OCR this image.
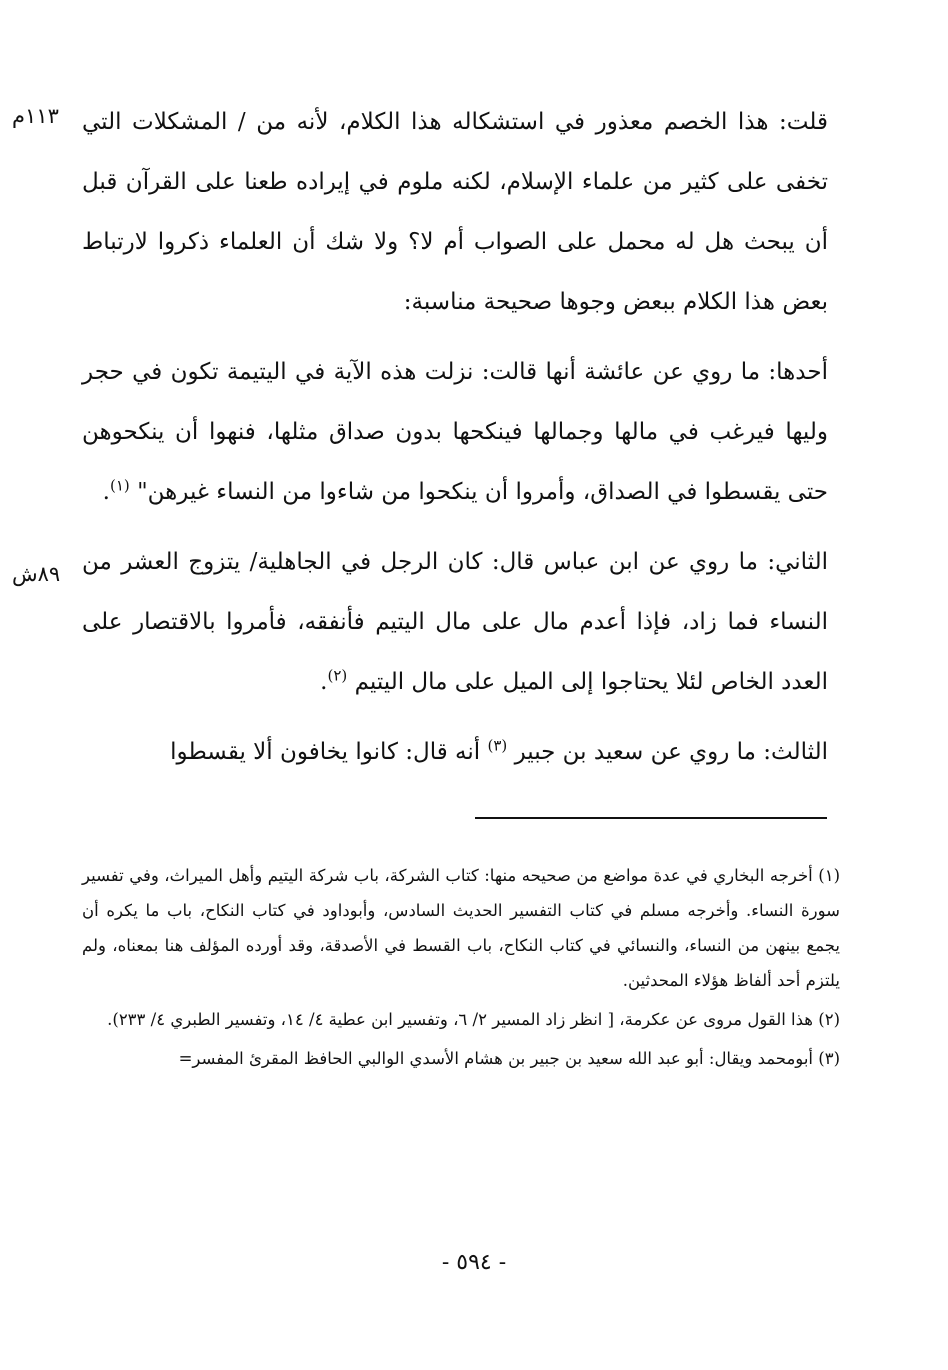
١١٣م
٨٩ش

قلت: هذا الخصم معذور في استشكاله هذا الكلام، لأنه من / المشكلات التي تخفى على كثير من علماء الإسلام، لكنه ملوم في إيراده طعنا على القرآن قبل أن يبحث هل له محمل على الصواب أم لا؟ ولا شك أن العلماء ذكروا لارتباط بعض هذا الكلام ببعض وجوها صحيحة مناسبة:

أحدها: ما روي عن عائشة أنها قالت: نزلت هذه الآية في اليتيمة تكون في حجر وليها فيرغب في مالها وجمالها فينكحها بدون صداق مثلها، فنهوا أن ينكحوهن حتى يقسطوا في الصداق، وأمروا أن ينكحوا من شاءوا من النساء غيرهن" $^{(١)}$.

الثاني: ما روي عن ابن عباس قال: كان الرجل في الجاهلية/ يتزوج العشر من النساء فما زاد، فإذا أعدم مال على مال اليتيم فأنفقه، فأمروا بالاقتصار على العدد الخاص لئلا يحتاجوا إلى الميل على مال اليتيم $^{(٢)}$.

الثالث: ما روي عن سعيد بن جبير $^{(٣)}$ أنه قال: كانوا يخافون ألا يقسطوا

(١) أخرجه البخاري في عدة مواضع من صحيحه منها: كتاب الشركة، باب شركة اليتيم وأهل الميراث، وفي تفسير سورة النساء. وأخرجه مسلم في كتاب التفسير الحديث السادس، وأبوداود في كتاب النكاح، باب ما يكره أن يجمع بينهن من النساء، والنسائي في كتاب النكاح، باب القسط في الأصدقة، وقد أورده المؤلف هنا بمعناه، ولم يلتزم أحد ألفاظ هؤلاء المحدثين.

(٢) هذا القول مروى عن عكرمة، [ انظر زاد المسير ٢/ ٦، وتفسير ابن عطية ٤/ ١٤، وتفسير الطبري ٤/ ٢٣٣).

(٣) أبومحمد ويقال: أبو عبد الله سعيد بن جبير بن هشام الأسدي الوالبي الحافظ المقرئ المفسر=

- ٥٩٤ -
